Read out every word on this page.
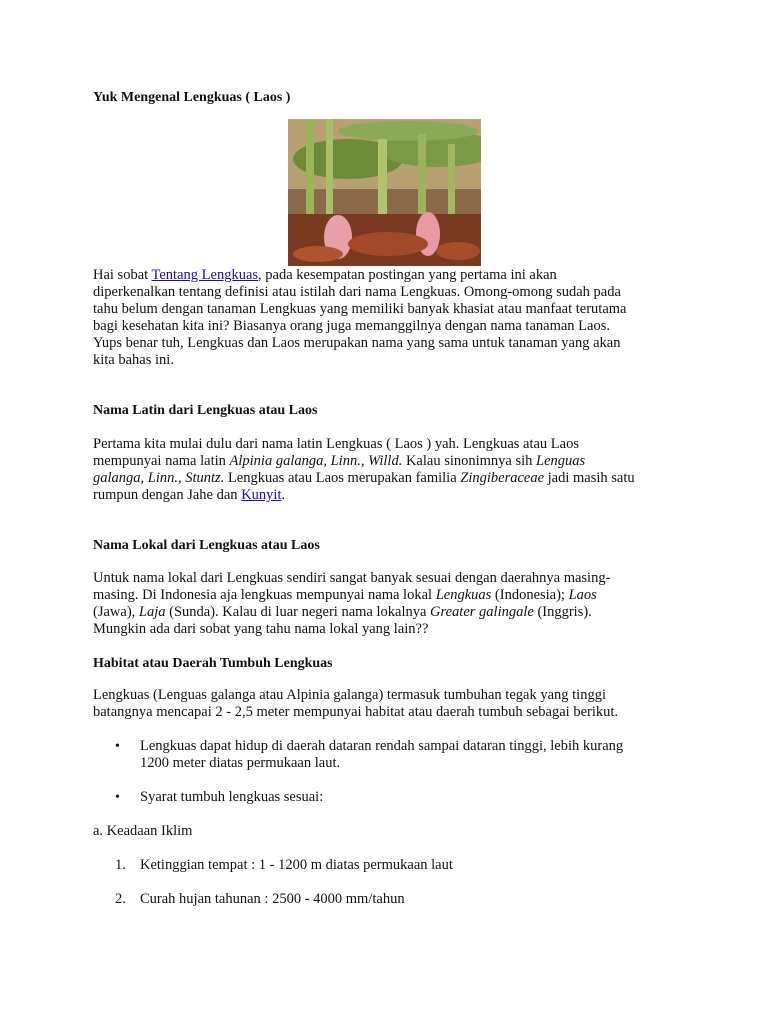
Yuk Mengenal Lengkuas ( Laos )
Hai sobat Tentang Lengkuas, pada kesempatan postingan yang pertama ini akan
diperkenalkan tentang definisi atau istilah dari nama Lengkuas. Omong-omong sudah pada
tahu belum dengan tanaman Lengkuas yang memiliki banyak khasiat atau manfaat terutama
bagi kesehatan kita ini? Biasanya orang juga memanggilnya dengan nama tanaman Laos.
Yups benar tuh, Lengkuas dan Laos merupakan nama yang sama untuk tanaman yang akan
kita bahas ini.
Nama Latin dari Lengkuas atau Laos
Pertama kita mulai dulu dari nama latin Lengkuas ( Laos ) yah. Lengkuas atau Laos
mempunyai nama latin Alpinia galanga, Linn., Willd. Kalau sinonimnya sih Lenguas
galanga, Linn., Stuntz. Lengkuas atau Laos merupakan familia Zingiberaceae jadi masih satu
rumpun dengan Jahe dan Kunyit.
Nama Lokal dari Lengkuas atau Laos
Untuk nama lokal dari Lengkuas sendiri sangat banyak sesuai dengan daerahnya masing-
masing. Di Indonesia aja lengkuas mempunyai nama lokal Lengkuas (Indonesia); Laos
(Jawa), Laja (Sunda). Kalau di luar negeri nama lokalnya Greater galingale (Inggris).
Mungkin ada dari sobat yang tahu nama lokal yang lain??
Habitat atau Daerah Tumbuh Lengkuas
Lengkuas (Lenguas galanga atau Alpinia galanga) termasuk tumbuhan tegak yang tinggi
batangnya mencapai 2 - 2,5 meter mempunyai habitat atau daerah tumbuh sebagai berikut.
• Lengkuas dapat hidup di daerah dataran rendah sampai dataran tinggi, lebih kurang
1200 meter diatas permukaan laut.
• Syarat tumbuh lengkuas sesuai:
a. Keadaan Iklim
1. Ketinggian tempat : 1 - 1200 m diatas permukaan laut
2. Curah hujan tahunan : 2500 - 4000 mm/tahun
